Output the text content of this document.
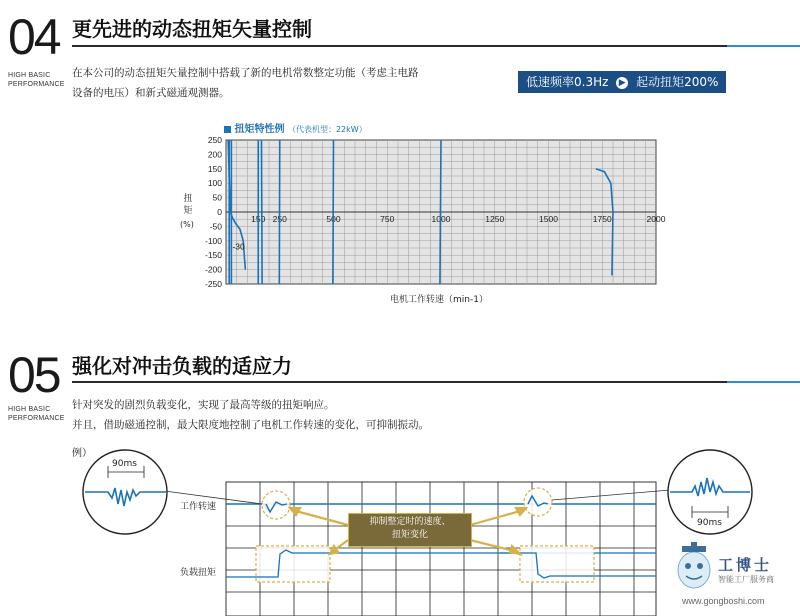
04
HIGH BASIC
PERFORMANCE
更先进的动态扭矩矢量控制
在本公司的动态扭矩矢量控制中搭载了新的电机常数整定功能（考虑主电路
设备的电压）和新式磁通观测器。
低速频率0.3Hz ▶ 起动扭矩200%
扭矩特性例 （代表机型：22kW）
扭
矩
(%)
250
200
150
100
50
0
-50
-100
-150
-200
-250
150 250	500	750	1000	1250	1500	1750	2000
-30
电机工作转速（min-1）
05
HIGH BASIC
PERFORMANCE
强化对冲击负载的适应力
针对突发的剧烈负载变化，实现了最高等级的扭矩响应。
并且，借助磁通控制，最大限度地控制了电机工作转速的变化，可抑制振动。
例）
90ms
90ms
工作转速
负载扭矩
抑制整定时的速度、
扭矩变化
工博士
智能工厂服务商
www.gongboshi.com
